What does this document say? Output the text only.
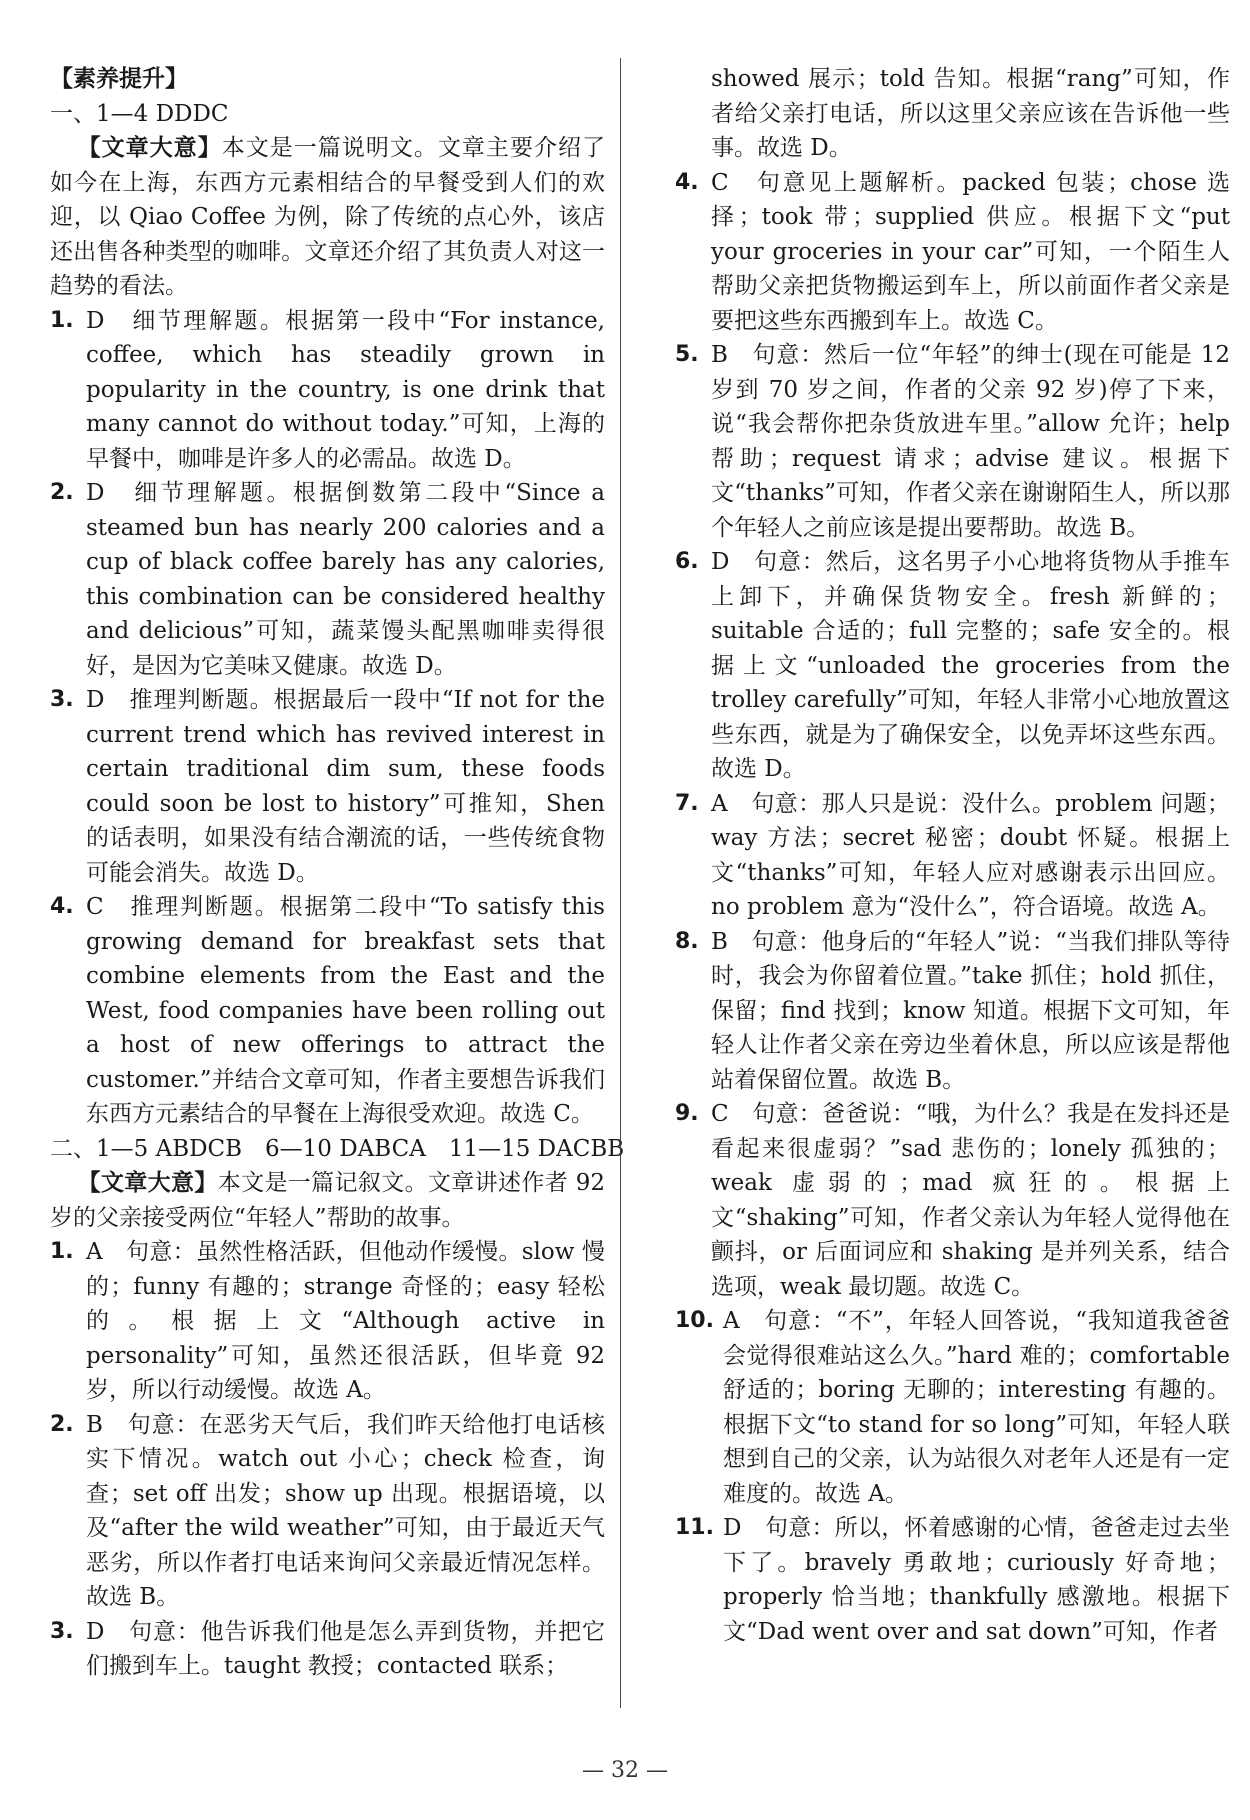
【素养提升】
一、1—4 DDDC
【文章大意】本文是一篇说明文。文章主要介绍了如今在上海，东西方元素相结合的早餐受到人们的欢迎，以 Qiao Coffee 为例，除了传统的点心外，该店还出售各种类型的咖啡。文章还介绍了其负责人对这一趋势的看法。
1. D　细节理解题。根据第一段中“For instance, coffee, which has steadily grown in popularity in the country, is one drink that many cannot do without today.”可知，上海的早餐中，咖啡是许多人的必需品。故选 D。
2. D　细节理解题。根据倒数第二段中“Since a steamed bun has nearly 200 calories and a cup of black coffee barely has any calories, this combination can be considered healthy and delicious”可知，蔬菜馒头配黑咖啡卖得很好，是因为它美味又健康。故选 D。
3. D　推理判断题。根据最后一段中“If not for the current trend which has revived interest in certain traditional dim sum, these foods could soon be lost to history”可推知，Shen 的话表明，如果没有结合潮流的话，一些传统食物可能会消失。故选 D。
4. C　推理判断题。根据第二段中“To satisfy this growing demand for breakfast sets that combine elements from the East and the West, food companies have been rolling out a host of new offerings to attract the customer.”并结合文章可知，作者主要想告诉我们东西方元素结合的早餐在上海很受欢迎。故选 C。
二、1—5 ABDCB　6—10 DABCA　11—15 DACBB
【文章大意】本文是一篇记叙文。文章讲述作者 92 岁的父亲接受两位“年轻人”帮助的故事。
1. A　句意：虽然性格活跃，但他动作缓慢。slow 慢的；funny 有趣的；strange 奇怪的；easy 轻松的。根据上文“Although active in personality”可知，虽然还很活跃，但毕竟 92 岁，所以行动缓慢。故选 A。
2. B　句意：在恶劣天气后，我们昨天给他打电话核实下情况。watch out 小心；check 检查，询查；set off 出发；show up 出现。根据语境，以及“after the wild weather”可知，由于最近天气恶劣，所以作者打电话来询问父亲最近情况怎样。故选 B。
3. D　句意：他告诉我们他是怎么弄到货物，并把它们搬到车上。taught 教授；contacted 联系；
showed 展示；told 告知。根据“rang”可知，作者给父亲打电话，所以这里父亲应该在告诉他一些事。故选 D。
4. C　句意见上题解析。packed 包装；chose 选择；took 带；supplied 供应。根据下文“put your groceries in your car”可知，一个陌生人帮助父亲把货物搬运到车上，所以前面作者父亲是要把这些东西搬到车上。故选 C。
5. B　句意：然后一位“年轻”的绅士(现在可能是 12 岁到 70 岁之间，作者的父亲 92 岁)停了下来，说“我会帮你把杂货放进车里。”allow 允许；help 帮助；request 请求；advise 建议。根据下文“thanks”可知，作者父亲在谢谢陌生人，所以那个年轻人之前应该是提出要帮助。故选 B。
6. D　句意：然后，这名男子小心地将货物从手推车上卸下，并确保货物安全。fresh 新鲜的；suitable 合适的；full 完整的；safe 安全的。根据上文“unloaded the groceries from the trolley carefully”可知，年轻人非常小心地放置这些东西，就是为了确保安全，以免弄坏这些东西。故选 D。
7. A　句意：那人只是说：没什么。problem 问题；way 方法；secret 秘密；doubt 怀疑。根据上文“thanks”可知，年轻人应对感谢表示出回应。no problem 意为“没什么”，符合语境。故选 A。
8. B　句意：他身后的“年轻人”说：“当我们排队等待时，我会为你留着位置。”take 抓住；hold 抓住，保留；find 找到；know 知道。根据下文可知，年轻人让作者父亲在旁边坐着休息，所以应该是帮他站着保留位置。故选 B。
9. C　句意：爸爸说：“哦，为什么？我是在发抖还是看起来很虚弱？”sad 悲伤的；lonely 孤独的；weak 虚弱的；mad 疯狂的。根据上文“shaking”可知，作者父亲认为年轻人觉得他在颤抖，or 后面词应和 shaking 是并列关系，结合选项，weak 最切题。故选 C。
10. A　句意：“不”，年轻人回答说，“我知道我爸爸会觉得很难站这么久。”hard 难的；comfortable 舒适的；boring 无聊的；interesting 有趣的。根据下文“to stand for so long”可知，年轻人联想到自己的父亲，认为站很久对老年人还是有一定难度的。故选 A。
11. D　句意：所以，怀着感谢的心情，爸爸走过去坐下了。bravely 勇敢地；curiously 好奇地；properly 恰当地；thankfully 感激地。根据下文“Dad went over and sat down”可知，作者
— 32 —
